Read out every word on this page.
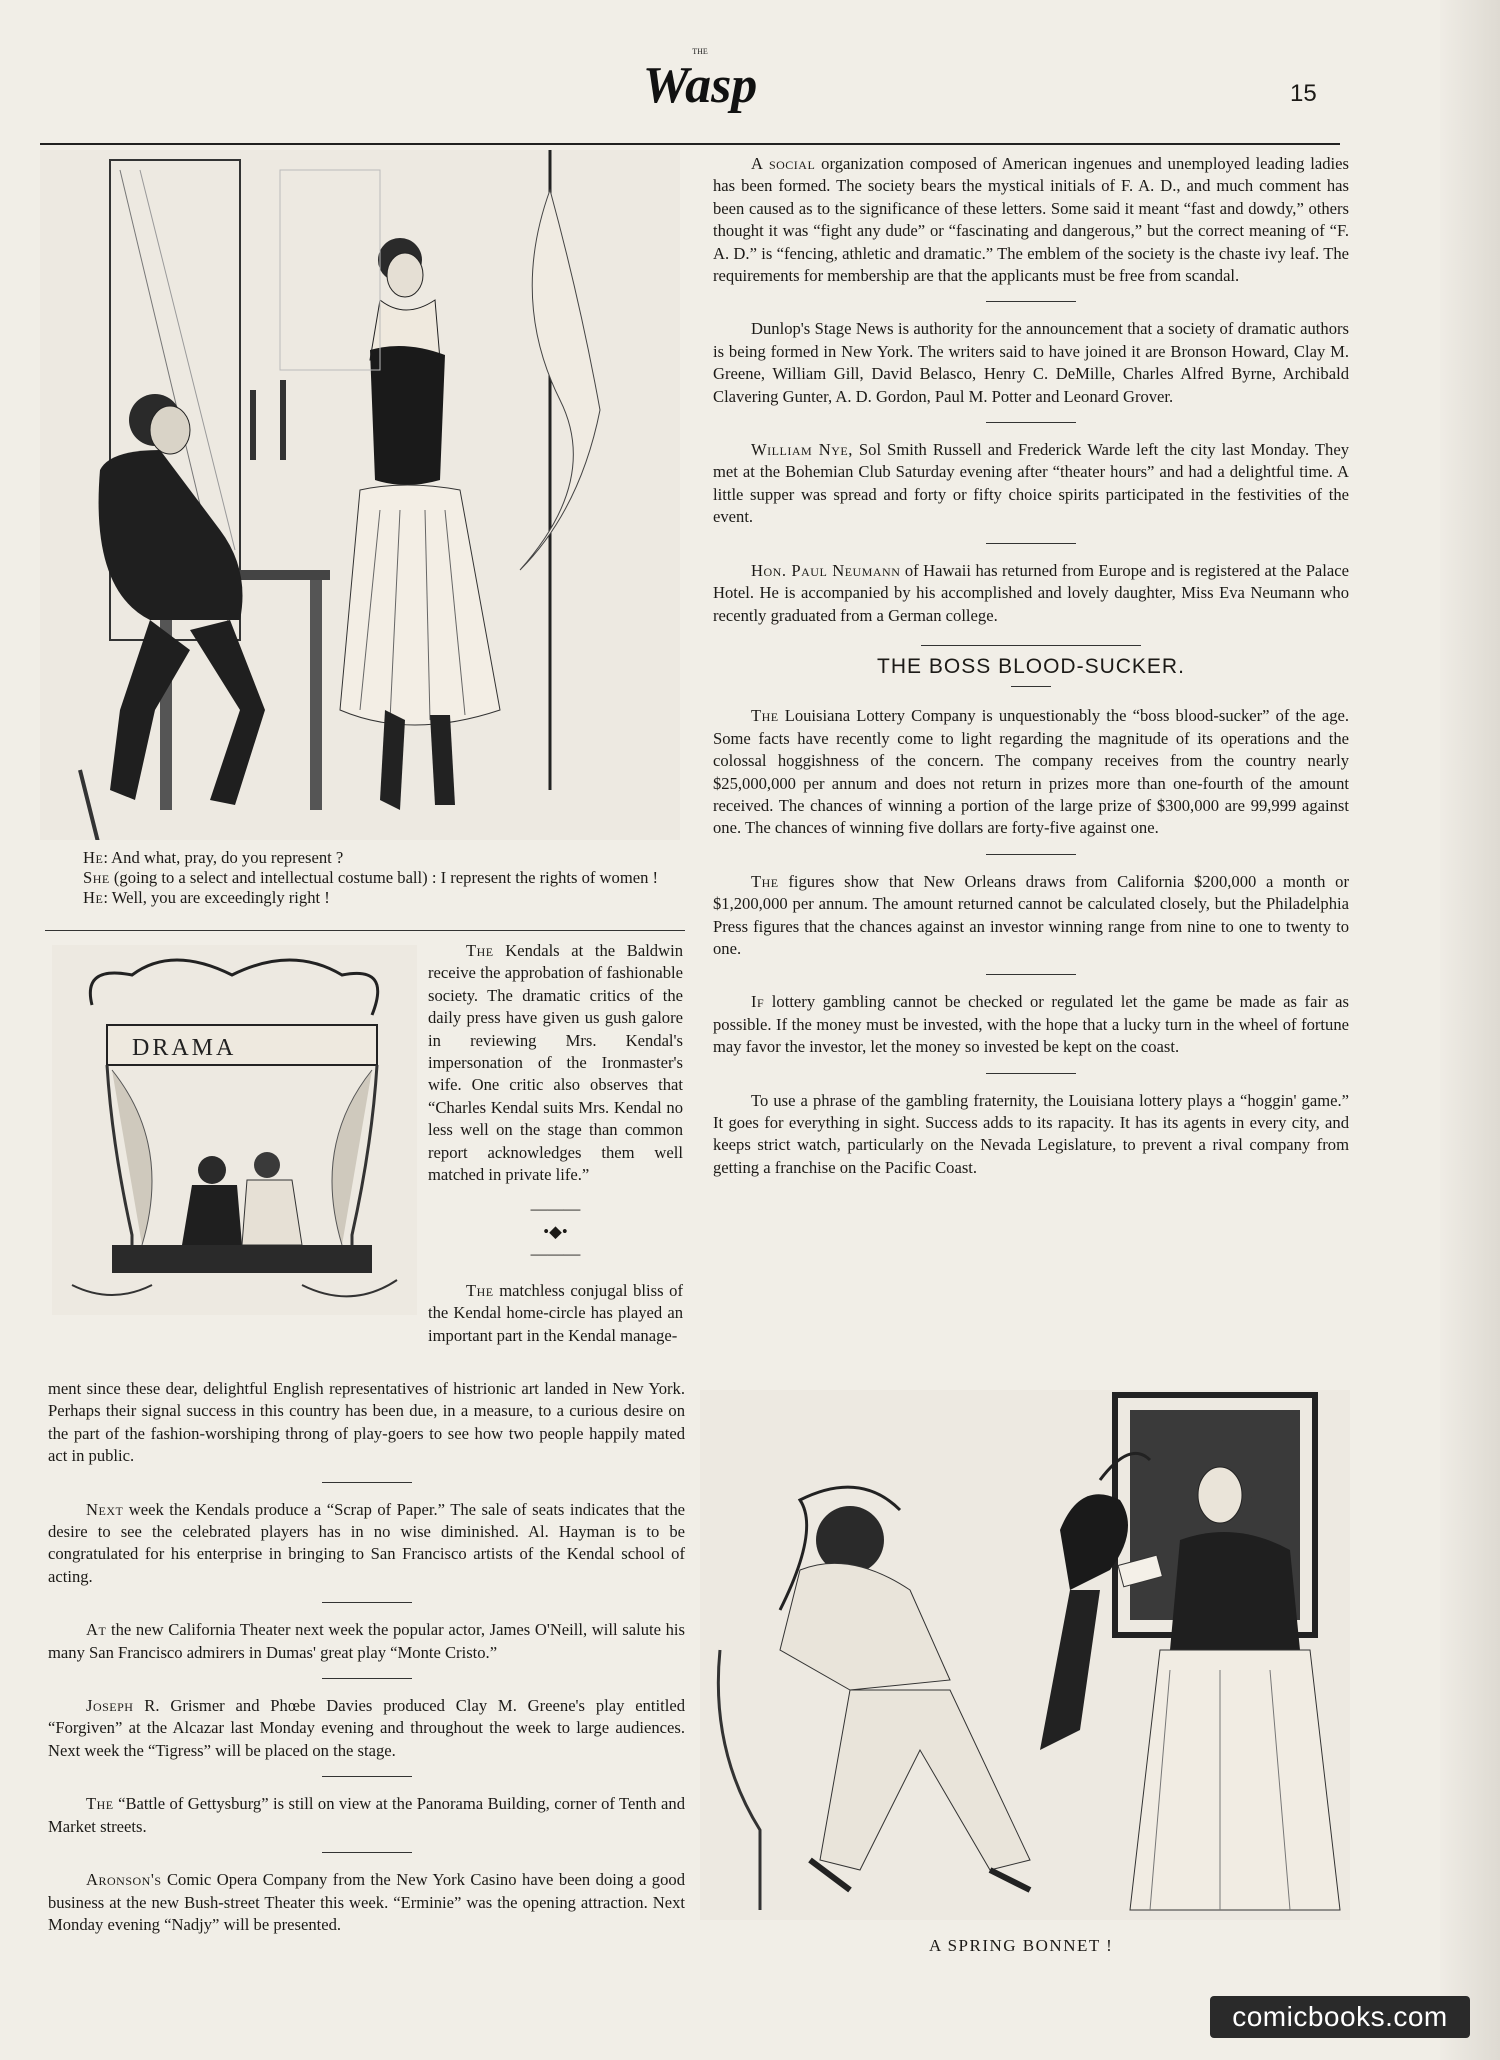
THE
Wasp	15

He: And what, pray, do you represent ?

She (going to a select and intellectual costume ball) : I represent the rights of women !

He: Well, you are exceedingly right !

DRAMA

The Kendals at the Baldwin receive the approbation of fashionable society. The dramatic critics of the daily press have given us gush galore in reviewing Mrs. Kendal's impersonation of the Ironmaster's wife. One critic also observes that “Charles Kendal suits Mrs. Kendal no less well on the stage than common report acknowledges them well matched in private life.”

———•◆•———

The matchless conjugal bliss of the Kendal home-circle has played an important part in the Kendal manage-

ment since these dear, delightful English representatives of histrionic art landed in New York. Perhaps their signal success in this country has been due, in a measure, to a curious desire on the part of the fashion-worshiping throng of play-goers to see how two people happily mated act in public.

Next week the Kendals produce a “Scrap of Paper.” The sale of seats indicates that the desire to see the celebrated players has in no wise diminished. Al. Hayman is to be congratulated for his enterprise in bringing to San Francisco artists of the Kendal school of acting.

At the new California Theater next week the popular actor, James O'Neill, will salute his many San Francisco admirers in Dumas' great play “Monte Cristo.”

Joseph R. Grismer and Phœbe Davies produced Clay M. Greene's play entitled “Forgiven” at the Alcazar last Monday evening and throughout the week to large audiences. Next week the “Tigress” will be placed on the stage.

The “Battle of Gettysburg” is still on view at the Panorama Building, corner of Tenth and Market streets.

Aronson's Comic Opera Company from the New York Casino have been doing a good business at the new Bush-street Theater this week. “Erminie” was the opening attraction. Next Monday evening “Nadjy” will be presented.

A social organization composed of American ingenues and unemployed leading ladies has been formed. The society bears the mystical initials of F. A. D., and much comment has been caused as to the significance of these letters. Some said it meant “fast and dowdy,” others thought it was “fight any dude” or “fascinating and dangerous,” but the correct meaning of “F. A. D.” is “fencing, athletic and dramatic.” The emblem of the society is the chaste ivy leaf. The requirements for membership are that the applicants must be free from scandal.

Dunlop's Stage News is authority for the announcement that a society of dramatic authors is being formed in New York. The writers said to have joined it are Bronson Howard, Clay M. Greene, William Gill, David Belasco, Henry C. DeMille, Charles Alfred Byrne, Archibald Clavering Gunter, A. D. Gordon, Paul M. Potter and Leonard Grover.

William Nye, Sol Smith Russell and Frederick Warde left the city last Monday. They met at the Bohemian Club Saturday evening after “theater hours” and had a delightful time. A little supper was spread and forty or fifty choice spirits participated in the festivities of the event.

Hon. Paul Neumann of Hawaii has returned from Europe and is registered at the Palace Hotel. He is accompanied by his accomplished and lovely daughter, Miss Eva Neumann who recently graduated from a German college.

THE BOSS BLOOD-SUCKER.

The Louisiana Lottery Company is unquestionably the “boss blood-sucker” of the age. Some facts have recently come to light regarding the magnitude of its operations and the colossal hoggishness of the concern. The company receives from the country nearly $25,000,000 per annum and does not return in prizes more than one-fourth of the amount received. The chances of winning a portion of the large prize of $300,000 are 99,999 against one. The chances of winning five dollars are forty-five against one.

The figures show that New Orleans draws from California $200,000 a month or $1,200,000 per annum. The amount returned cannot be calculated closely, but the Philadelphia Press figures that the chances against an investor winning range from nine to one to twenty to one.

If lottery gambling cannot be checked or regulated let the game be made as fair as possible. If the money must be invested, with the hope that a lucky turn in the wheel of fortune may favor the investor, let the money so invested be kept on the coast.

To use a phrase of the gambling fraternity, the Louisiana lottery plays a “hoggin' game.” It goes for everything in sight. Success adds to its rapacity. It has its agents in every city, and keeps strict watch, particularly on the Nevada Legislature, to prevent a rival company from getting a franchise on the Pacific Coast.

A SPRING BONNET !
comicbooks.com
